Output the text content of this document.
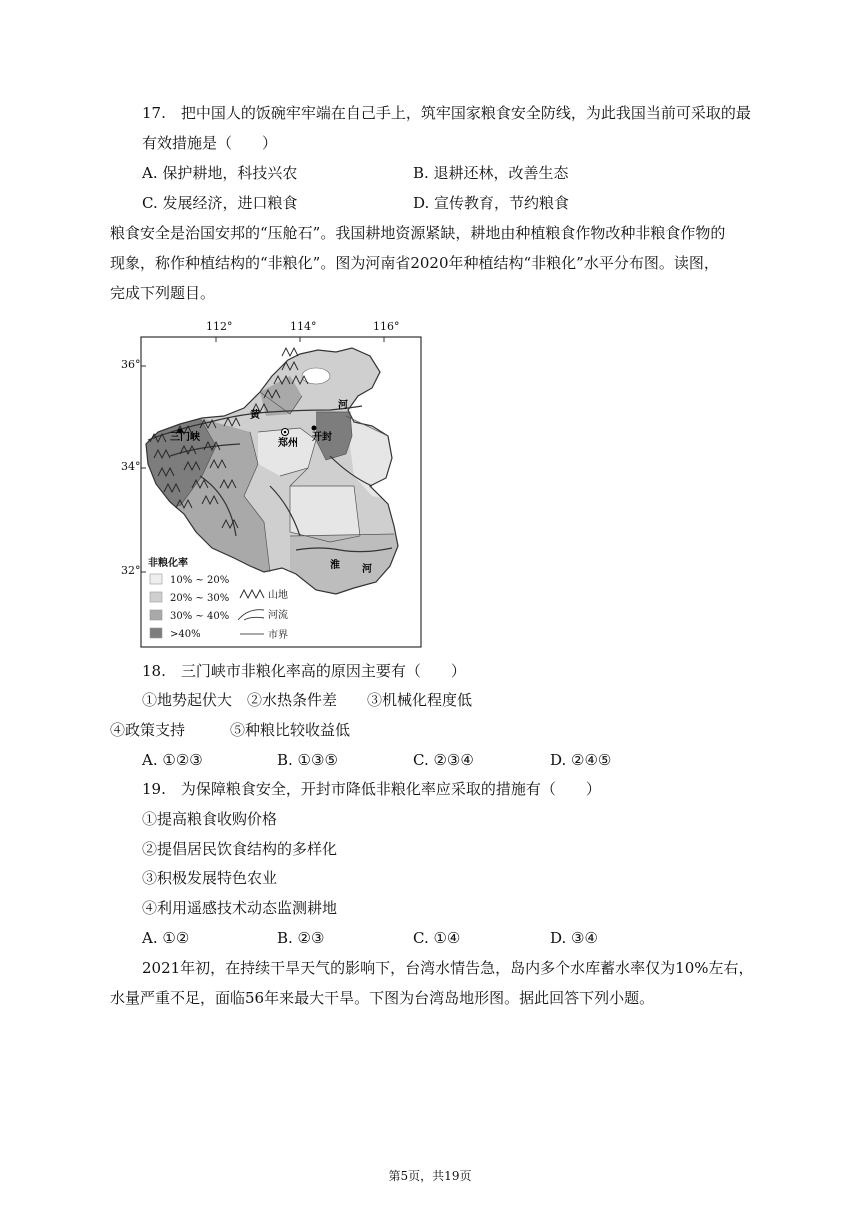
17.　把中国人的饭碗牢牢端在自己手上，筑牢国家粮食安全防线，为此我国当前可采取的最
有效措施是（　　）
A. 保护耕地，科技兴农	B. 退耕还林，改善生态
C. 发展经济，进口粮食	D. 宣传教育，节约粮食
粮食安全是治国安邦的“压舱石”。我国耕地资源紧缺，耕地由种植粮食作物改种非粮食作物的
现象，称作种植结构的“非粮化”。图为河南省2020年种植结构“非粮化”水平分布图。读图，
完成下列题目。
非粮化率
10% ~ 20%
20% ~ 30%
30% ~ 40%
>40%
山地
河流
市界
三门峡
郑州
开封
黄
河
淮 河
112°	114°	116°
36°
34°
32°
18.　三门峡市非粮化率高的原因主要有（　　）
①地势起伏大　②水热条件差　　③机械化程度低
④政策支持　　　⑤种粮比较收益低
A. ①②③	B. ①③⑤	C. ②③④	D. ②④⑤
19.　为保障粮食安全，开封市降低非粮化率应采取的措施有（　　）
①提高粮食收购价格
②提倡居民饮食结构的多样化
③积极发展特色农业
④利用遥感技术动态监测耕地
A. ①②	B. ②③	C. ①④	D. ③④
2021年初，在持续干旱天气的影响下，台湾水情告急，岛内多个水库蓄水率仅为10%左右，
水量严重不足，面临56年来最大干旱。下图为台湾岛地形图。据此回答下列小题。
第5页，共19页
